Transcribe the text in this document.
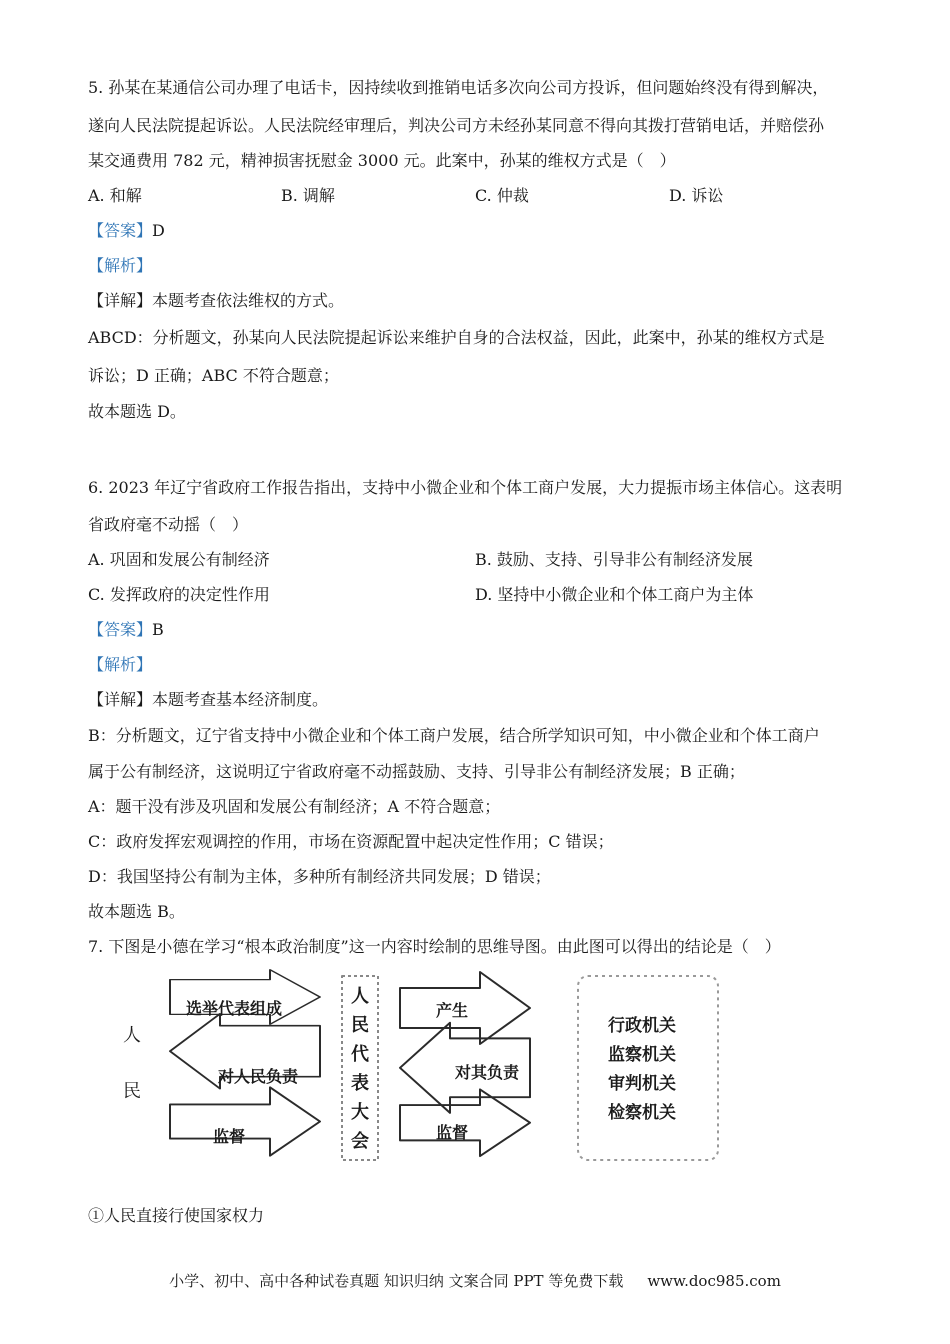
5. 孙某在某通信公司办理了电话卡，因持续收到推销电话多次向公司方投诉，但问题始终没有得到解决，
遂向人民法院提起诉讼。人民法院经审理后，判决公司方未经孙某同意不得向其拨打营销电话，并赔偿孙
某交通费用 782 元，精神损害抚慰金 3000 元。此案中，孙某的维权方式是（　）
A. 和解	B. 调解	C. 仲裁	D. 诉讼
【答案】D
【解析】
【详解】本题考查依法维权的方式。
ABCD：分析题文，孙某向人民法院提起诉讼来维护自身的合法权益，因此，此案中，孙某的维权方式是
诉讼；D 正确；ABC 不符合题意；
故本题选 D。
6. 2023 年辽宁省政府工作报告指出，支持中小微企业和个体工商户发展，大力提振市场主体信心。这表明
省政府毫不动摇（　）
A. 巩固和发展公有制经济	B. 鼓励、支持、引导非公有制经济发展
C. 发挥政府的决定性作用	D. 坚持中小微企业和个体工商户为主体
【答案】B
【解析】
【详解】本题考查基本经济制度。
B：分析题文，辽宁省支持中小微企业和个体工商户发展，结合所学知识可知，中小微企业和个体工商户
属于公有制经济，这说明辽宁省政府毫不动摇鼓励、支持、引导非公有制经济发展；B 正确；
A：题干没有涉及巩固和发展公有制经济；A 不符合题意；
C：政府发挥宏观调控的作用，市场在资源配置中起决定性作用；C 错误；
D：我国坚持公有制为主体，多种所有制经济共同发展；D 错误；
故本题选 B。
7. 下图是小德在学习“根本政治制度”这一内容时绘制的思维导图。由此图可以得出的结论是（　）
人
民
选举代表组成
对人民负责
监督
人
民
代
表
大
会
产生
对其负责
监督
行政机关
监察机关
审判机关
检察机关
①人民直接行使国家权力
小学、初中、高中各种试卷真题 知识归纳 文案合同 PPT 等免费下载 www.doc985.com
